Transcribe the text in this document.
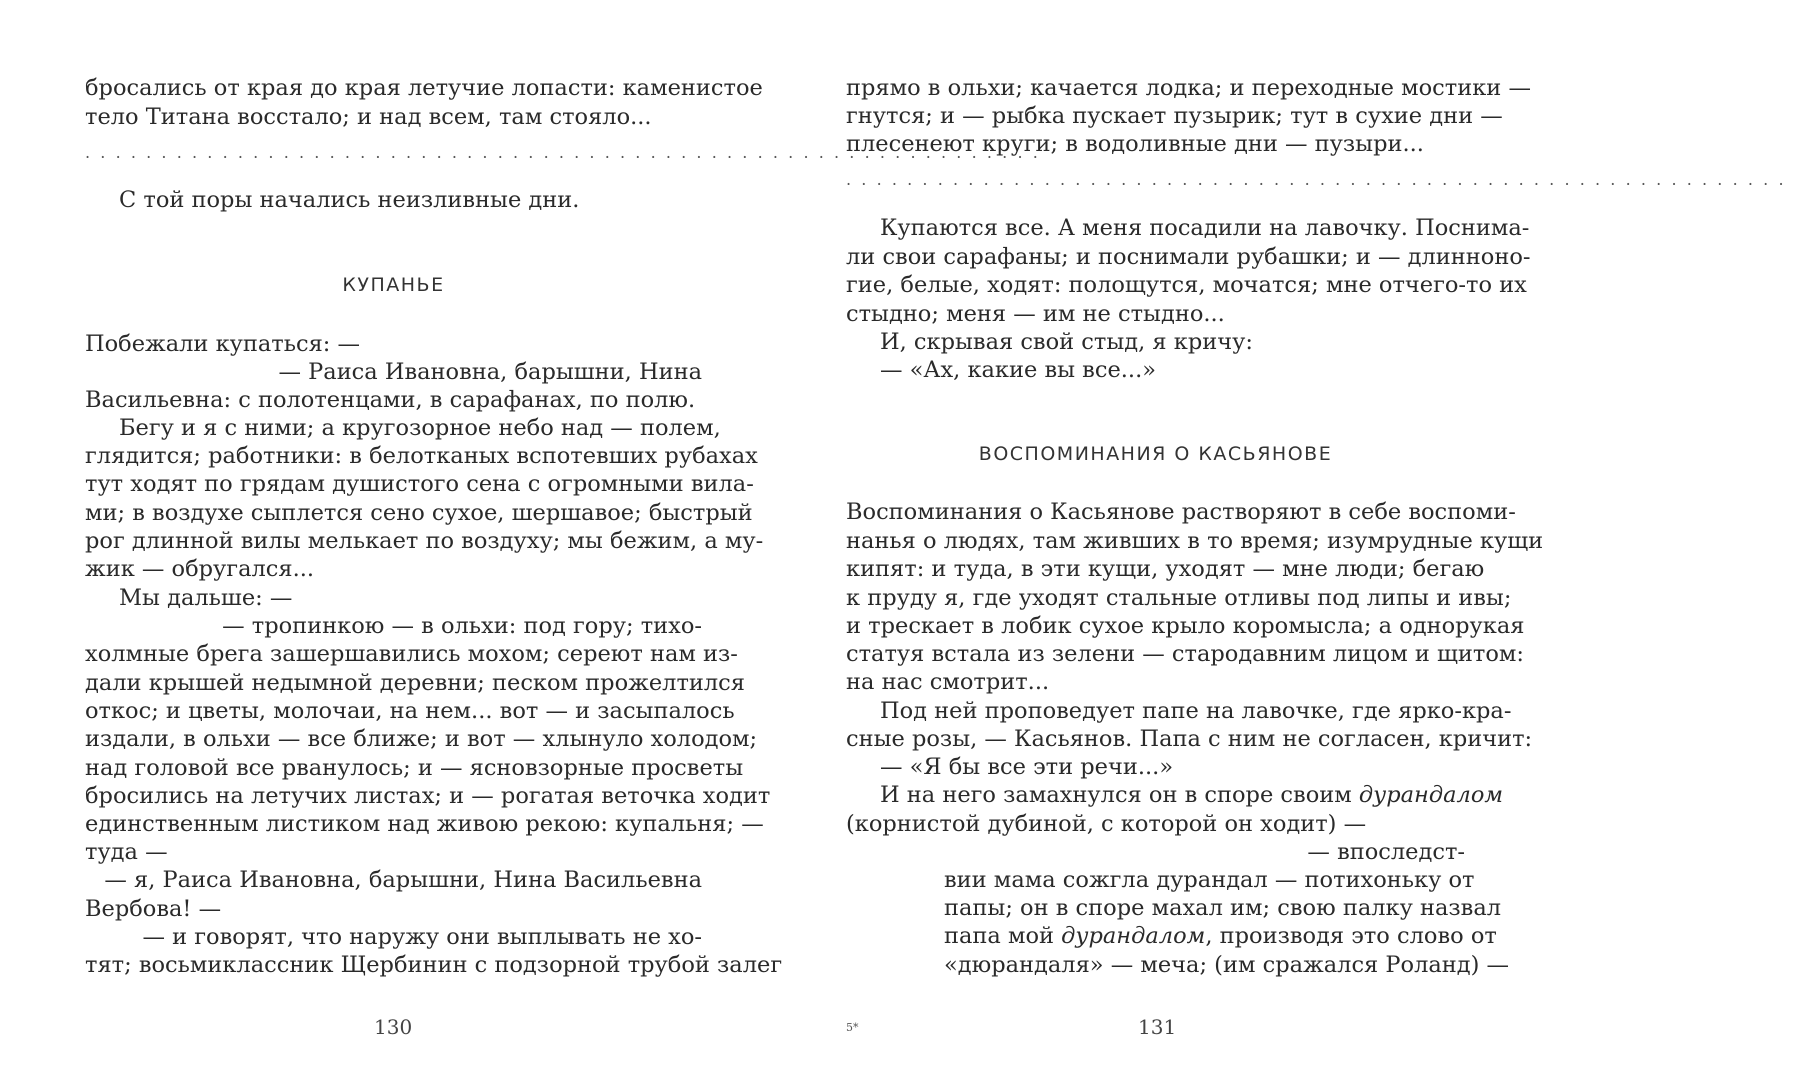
бросались от края до края летучие лопасти: каменистое
тело Титана восстало; и над всем, там стояло...
...............................................................
С той поры начались неизливные дни.
КУПАНЬЕ
Побежали купаться: —
— Раиса Ивановна, барышни, Нина
Васильевна: с полотенцами, в сарафанах, по полю.
Бегу и я с ними; а кругозорное небо над — полем,
глядится; работники: в белотканых вспотевших рубахах
тут ходят по грядам душистого сена с огромными вила-
ми; в воздухе сыплется сено сухое, шершавое; быстрый
рог длинной вилы мелькает по воздуху; мы бежим, а му-
жик — обругался...
Мы дальше: —
— тропинкою — в ольхи: под гору; тихо-
холмные брега зашершавились мохом; сереют нам из-
дали крышей недымной деревни; песком прожелтился
откос; и цветы, молочаи, на нем... вот — и засыпалось
издали, в ольхи — все ближе; и вот — хлынуло холодом;
над головой все рванулось; и — ясновзорные просветы
бросились на летучих листах; и — рогатая веточка ходит
единственным листиком над живою рекою: купальня; —
туда —
— я, Раиса Ивановна, барышни, Нина Васильевна
Вербова! —
— и говорят, что наружу они выплывать не хо-
тят; восьмиклассник Щербинин с подзорной трубой залег
130
прямо в ольхи; качается лодка; и переходные мостики —
гнутся; и — рыбка пускает пузырик; тут в сухие дни —
плесенеют круги; в водоливные дни — пузыри...
..............................................................
Купаются все. А меня посадили на лавочку. Поснима-
ли свои сарафаны; и поснимали рубашки; и — длинноно-
гие, белые, ходят: полощутся, мочатся; мне отчего-то их
стыдно; меня — им не стыдно...
И, скрывая свой стыд, я кричу:
— «Ах, какие вы все...»
ВОСПОМИНАНИЯ О КАСЬЯНОВЕ
Воспоминания о Касьянове растворяют в себе воспоми-
нанья о людях, там живших в то время; изумрудные кущи
кипят: и туда, в эти кущи, уходят — мне люди; бегаю
к пруду я, где уходят стальные отливы под липы и ивы;
и трескает в лобик сухое крыло коромысла; а однорукая
статуя встала из зелени — стародавним лицом и щитом:
на нас смотрит...
Под ней проповедует папе на лавочке, где ярко-кра-
сные розы, — Касьянов. Папа с ним не согласен, кричит:
— «Я бы все эти речи...»
И на него замахнулся он в споре своим дурандалом
(корнистой дубиной, с которой он ходит) —
— впоследст-
вии мама сожгла дурандал — потихоньку от
папы; он в споре махал им; свою палку назвал
папа мой дурандалом, производя это слово от
«дюрандаля» — меча; (им сражался Роланд) —
5*	131
